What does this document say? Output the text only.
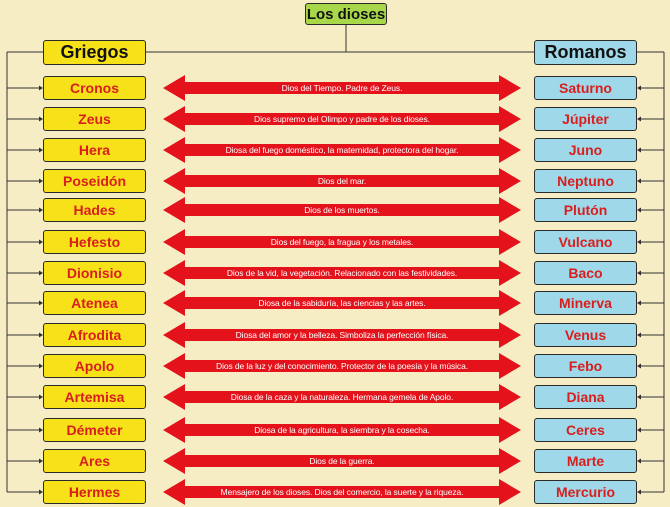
Los dioses
Griegos	Romanos
Cronos	Dios del Tiempo. Padre de Zeus.	Saturno
Zeus	Dios supremo del Olimpo y padre de los dioses.	Júpiter
Hera	Diosa del fuego doméstico, la maternidad, protectora del hogar.	Juno
Poseidón	Dios del mar.	Neptuno
Hades	Dios de los muertos.	Plutón
Hefesto	Dios del fuego, la fragua y los metales.	Vulcano
Dionisio	Dios de la vid, la vegetación. Relacionado con las festividades.	Baco
Atenea	Diosa de la sabiduría, las ciencias y las artes.	Minerva
Afrodita	Diosa del amor y la belleza. Simboliza la perfección física.	Venus
Apolo	Dios de la luz y del conocimiento. Protector de la poesía y la música.	Febo
Artemisa	Diosa de la caza y la naturaleza. Hermana gemela de Apolo.	Diana
Démeter	Diosa de la agricultura, la siembra y la cosecha.	Ceres
Ares	Dios de la guerra.	Marte
Hermes	Mensajero de los dioses. Dios del comercio, la suerte y la riqueza.	Mercurio
